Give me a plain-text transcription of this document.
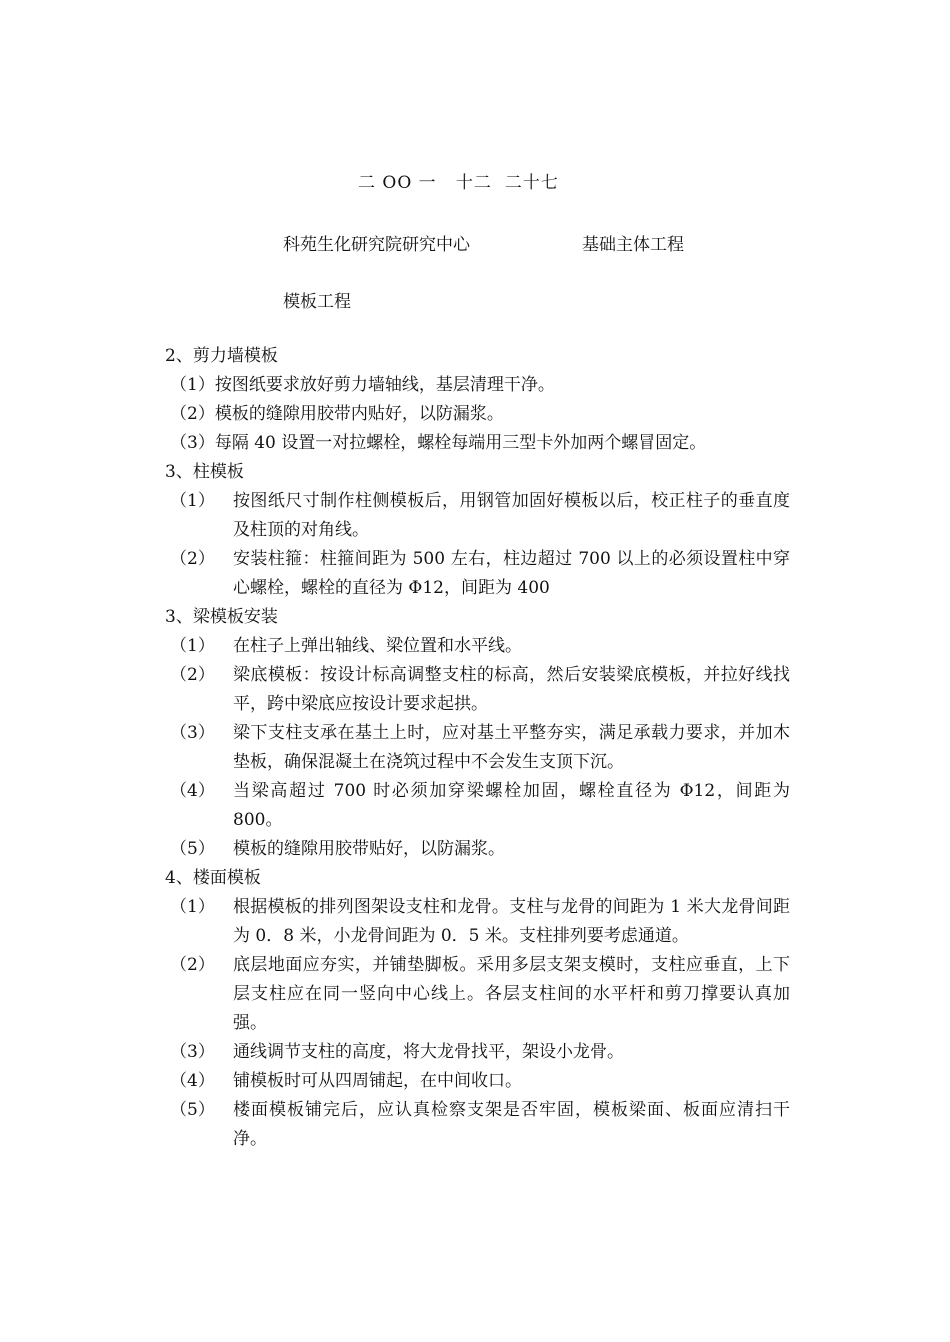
二 OO 一   十二  二十七
科苑生化研究院研究中心	基础主体工程
模板工程
2、剪力墙模板
（1）按图纸要求放好剪力墙轴线，基层清理干净。
（2）模板的缝隙用胶带内贴好，以防漏浆。
（3）每隔 40 设置一对拉螺栓，螺栓每端用三型卡外加两个螺冒固定。
3、柱模板
（1） 按图纸尺寸制作柱侧模板后，用钢管加固好模板以后，校正柱子的垂直度及柱顶的对角线。
（2） 安装柱箍：柱箍间距为 500 左右，柱边超过 700 以上的必须设置柱中穿心螺栓，螺栓的直径为 Φ12，间距为 400
3、梁模板安装
（1） 在柱子上弹出轴线、梁位置和水平线。
（2） 梁底模板：按设计标高调整支柱的标高，然后安装梁底模板，并拉好线找平，跨中梁底应按设计要求起拱。
（3） 梁下支柱支承在基土上时，应对基土平整夯实，满足承载力要求，并加木垫板，确保混凝土在浇筑过程中不会发生支顶下沉。
（4） 当梁高超过 700 时必须加穿梁螺栓加固，螺栓直径为 Φ12，间距为 800。
（5） 模板的缝隙用胶带贴好，以防漏浆。
4、楼面模板
（1） 根据模板的排列图架设支柱和龙骨。支柱与龙骨的间距为 1 米大龙骨间距为 0．8 米，小龙骨间距为 0．5 米。支柱排列要考虑通道。
（2） 底层地面应夯实，并铺垫脚板。采用多层支架支模时，支柱应垂直，上下层支柱应在同一竖向中心线上。各层支柱间的水平杆和剪刀撑要认真加强。
（3） 通线调节支柱的高度，将大龙骨找平，架设小龙骨。
（4） 铺模板时可从四周铺起，在中间收口。
（5） 楼面模板铺完后，应认真检察支架是否牢固，模板梁面、板面应清扫干净。
